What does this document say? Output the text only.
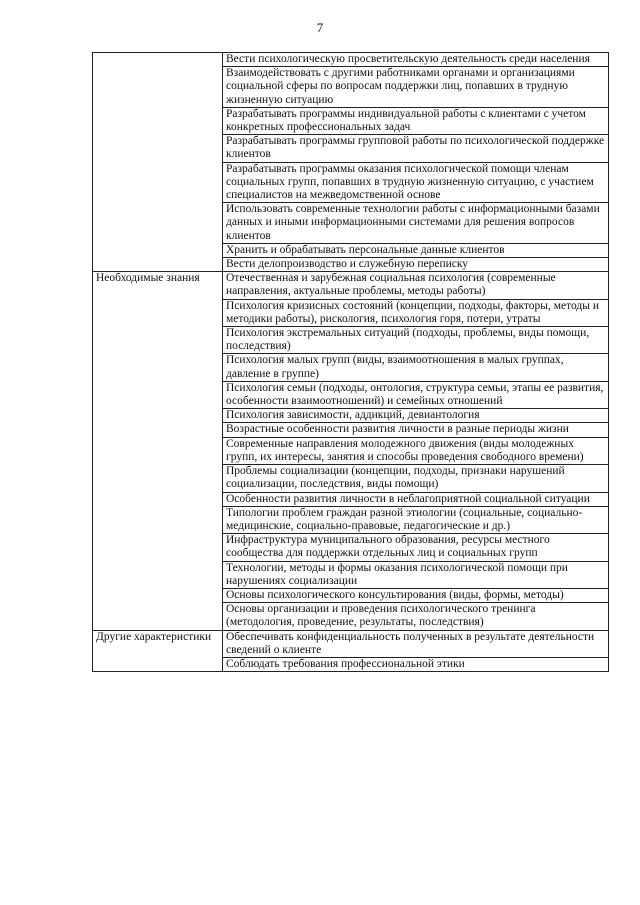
7
	Вести психологическую просветительскую деятельность среди населения
	Взаимодействовать с другими работниками органами и организациями социальной сферы по вопросам поддержки лиц, попавших в трудную жизненную ситуацию
	Разрабатывать программы индивидуальной работы с клиентами с учетом конкретных профессиональных задач
	Разрабатывать программы групповой работы по психологической поддержке клиентов
	Разрабатывать программы оказания психологической помощи членам социальных групп, попавших в трудную жизненную ситуацию, с участием специалистов на межведомственной основе
	Использовать современные технологии работы с информационными базами данных и иными информационными системами для решения вопросов клиентов
	Хранить и обрабатывать персональные данные клиентов
	Вести делопроизводство и служебную переписку

Необходимые знания	Отечественная и зарубежная социальная психология (современные направления, актуальные проблемы, методы работы)
	Психология кризисных состояний (концепции, подходы, факторы, методы и методики работы), рискология, психология горя, потери, утраты
	Психология экстремальных ситуаций (подходы, проблемы, виды помощи, последствия)
	Психология малых групп (виды, взаимоотношения в малых группах, давление в группе)
	Психология семьи (подходы, онтология, структура семьи, этапы ее развития, особенности взаимоотношений) и семейных отношений
	Психология зависимости, аддикций, девиантология
	Возрастные особенности развития личности в разные периоды жизни
	Современные направления молодежного движения (виды молодежных групп, их интересы, занятия и способы проведения свободного времени)
	Проблемы социализации (концепции, подходы, признаки нарушений социализации, последствия, виды помощи)
	Особенности развития личности в неблагоприятной социальной ситуации
	Типологии проблем граждан разной этиологии (социальные, социально-медицинские, социально-правовые, педагогические и др.)
	Инфраструктура муниципального образования, ресурсы местного сообщества для поддержки отдельных лиц и социальных групп
	Технологии, методы и формы оказания психологической помощи при нарушениях социализации
	Основы психологического консультирования (виды, формы, методы)
	Основы организации и проведения психологического тренинга (методология, проведение, результаты, последствия)

Другие характеристики	Обеспечивать конфиденциальность полученных в результате деятельности сведений о клиенте
	Соблюдать требования профессиональной этики
